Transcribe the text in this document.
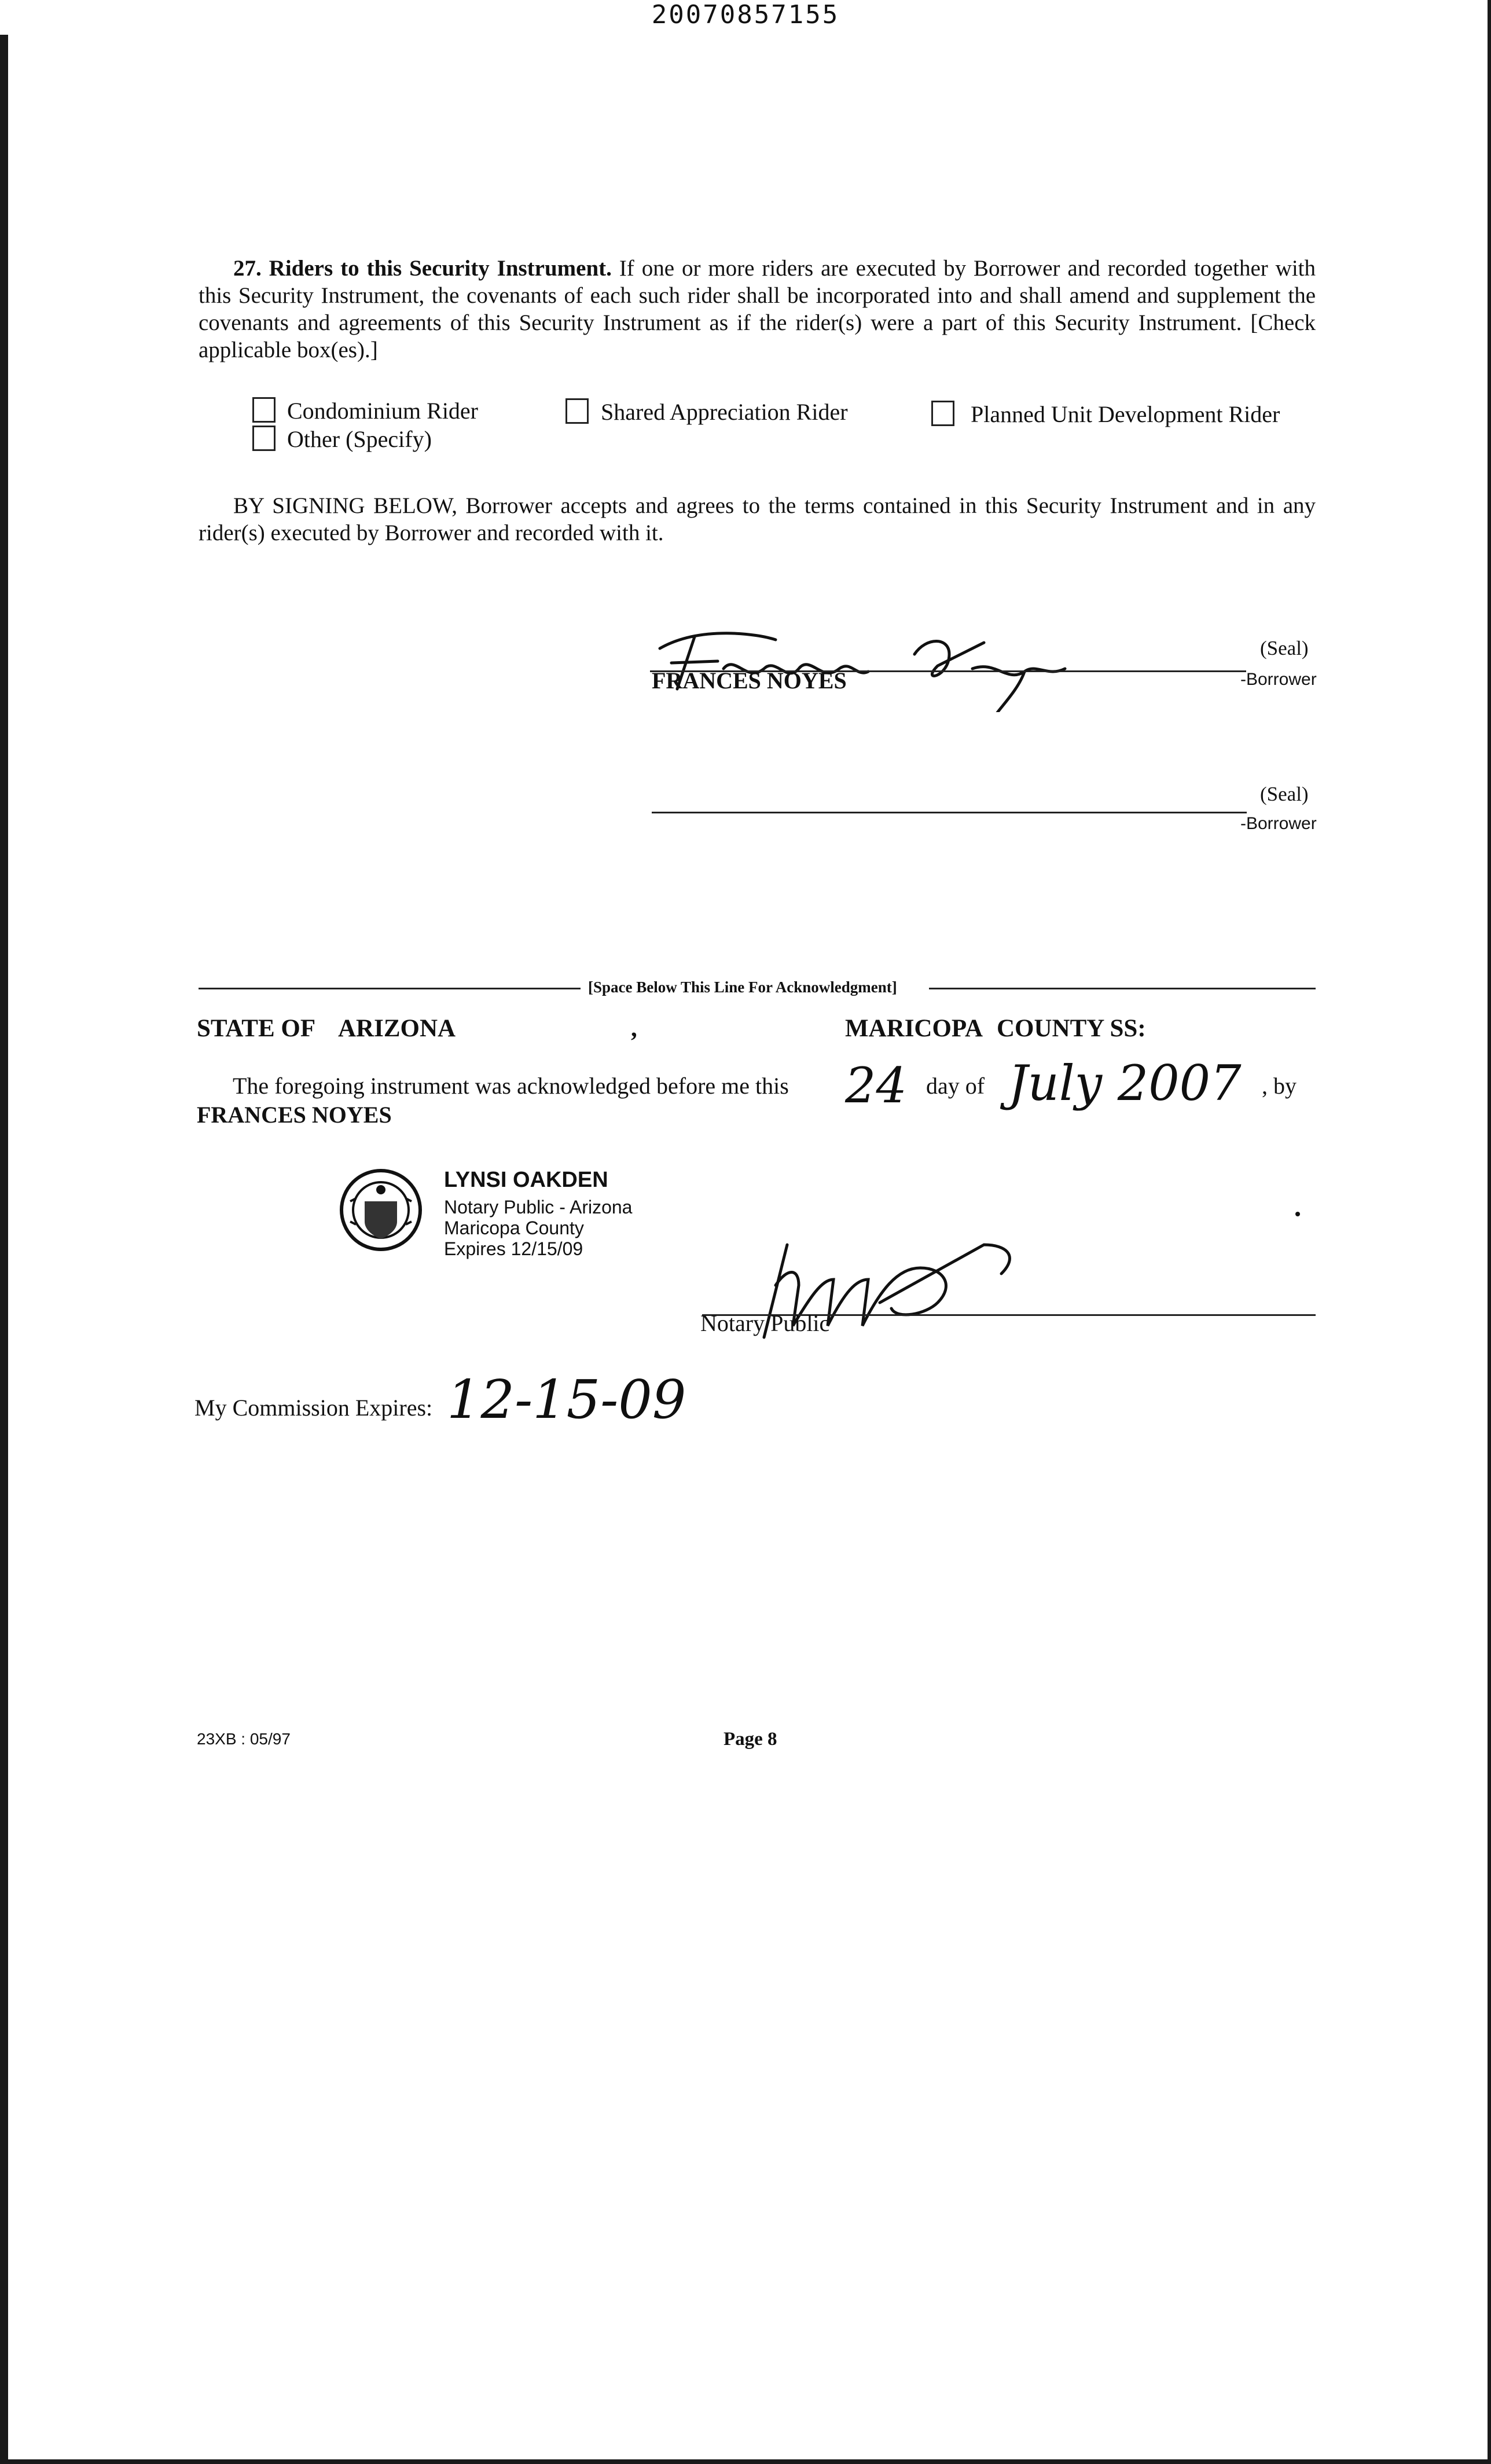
20070857155
27. Riders to this Security Instrument. If one or more riders are executed by Borrower and recorded together with this Security Instrument, the covenants of each such rider shall be incorporated into and shall amend and supplement the covenants and agreements of this Security Instrument as if the rider(s) were a part of this Security Instrument. [Check applicable box(es).]
Condominium Rider	Shared Appreciation Rider	Planned Unit Development Rider
Other (Specify)
BY SIGNING BELOW, Borrower accepts and agrees to the terms contained in this Security Instrument and in any rider(s) executed by Borrower and recorded with it.
(Seal)
FRANCES NOYES	-Borrower
(Seal)
-Borrower
[Space Below This Line For Acknowledgment]
STATE OF ARIZONA	,	MARICOPA COUNTY SS:
The foregoing instrument was acknowledged before me this 24 day of July 2007 , by
FRANCES NOYES
LYNSI OAKDEN
Notary Public - Arizona
Maricopa County
Expires 12/15/09
Notary Public
My Commission Expires: 12-15-09
23XB : 05/97	Page 8
